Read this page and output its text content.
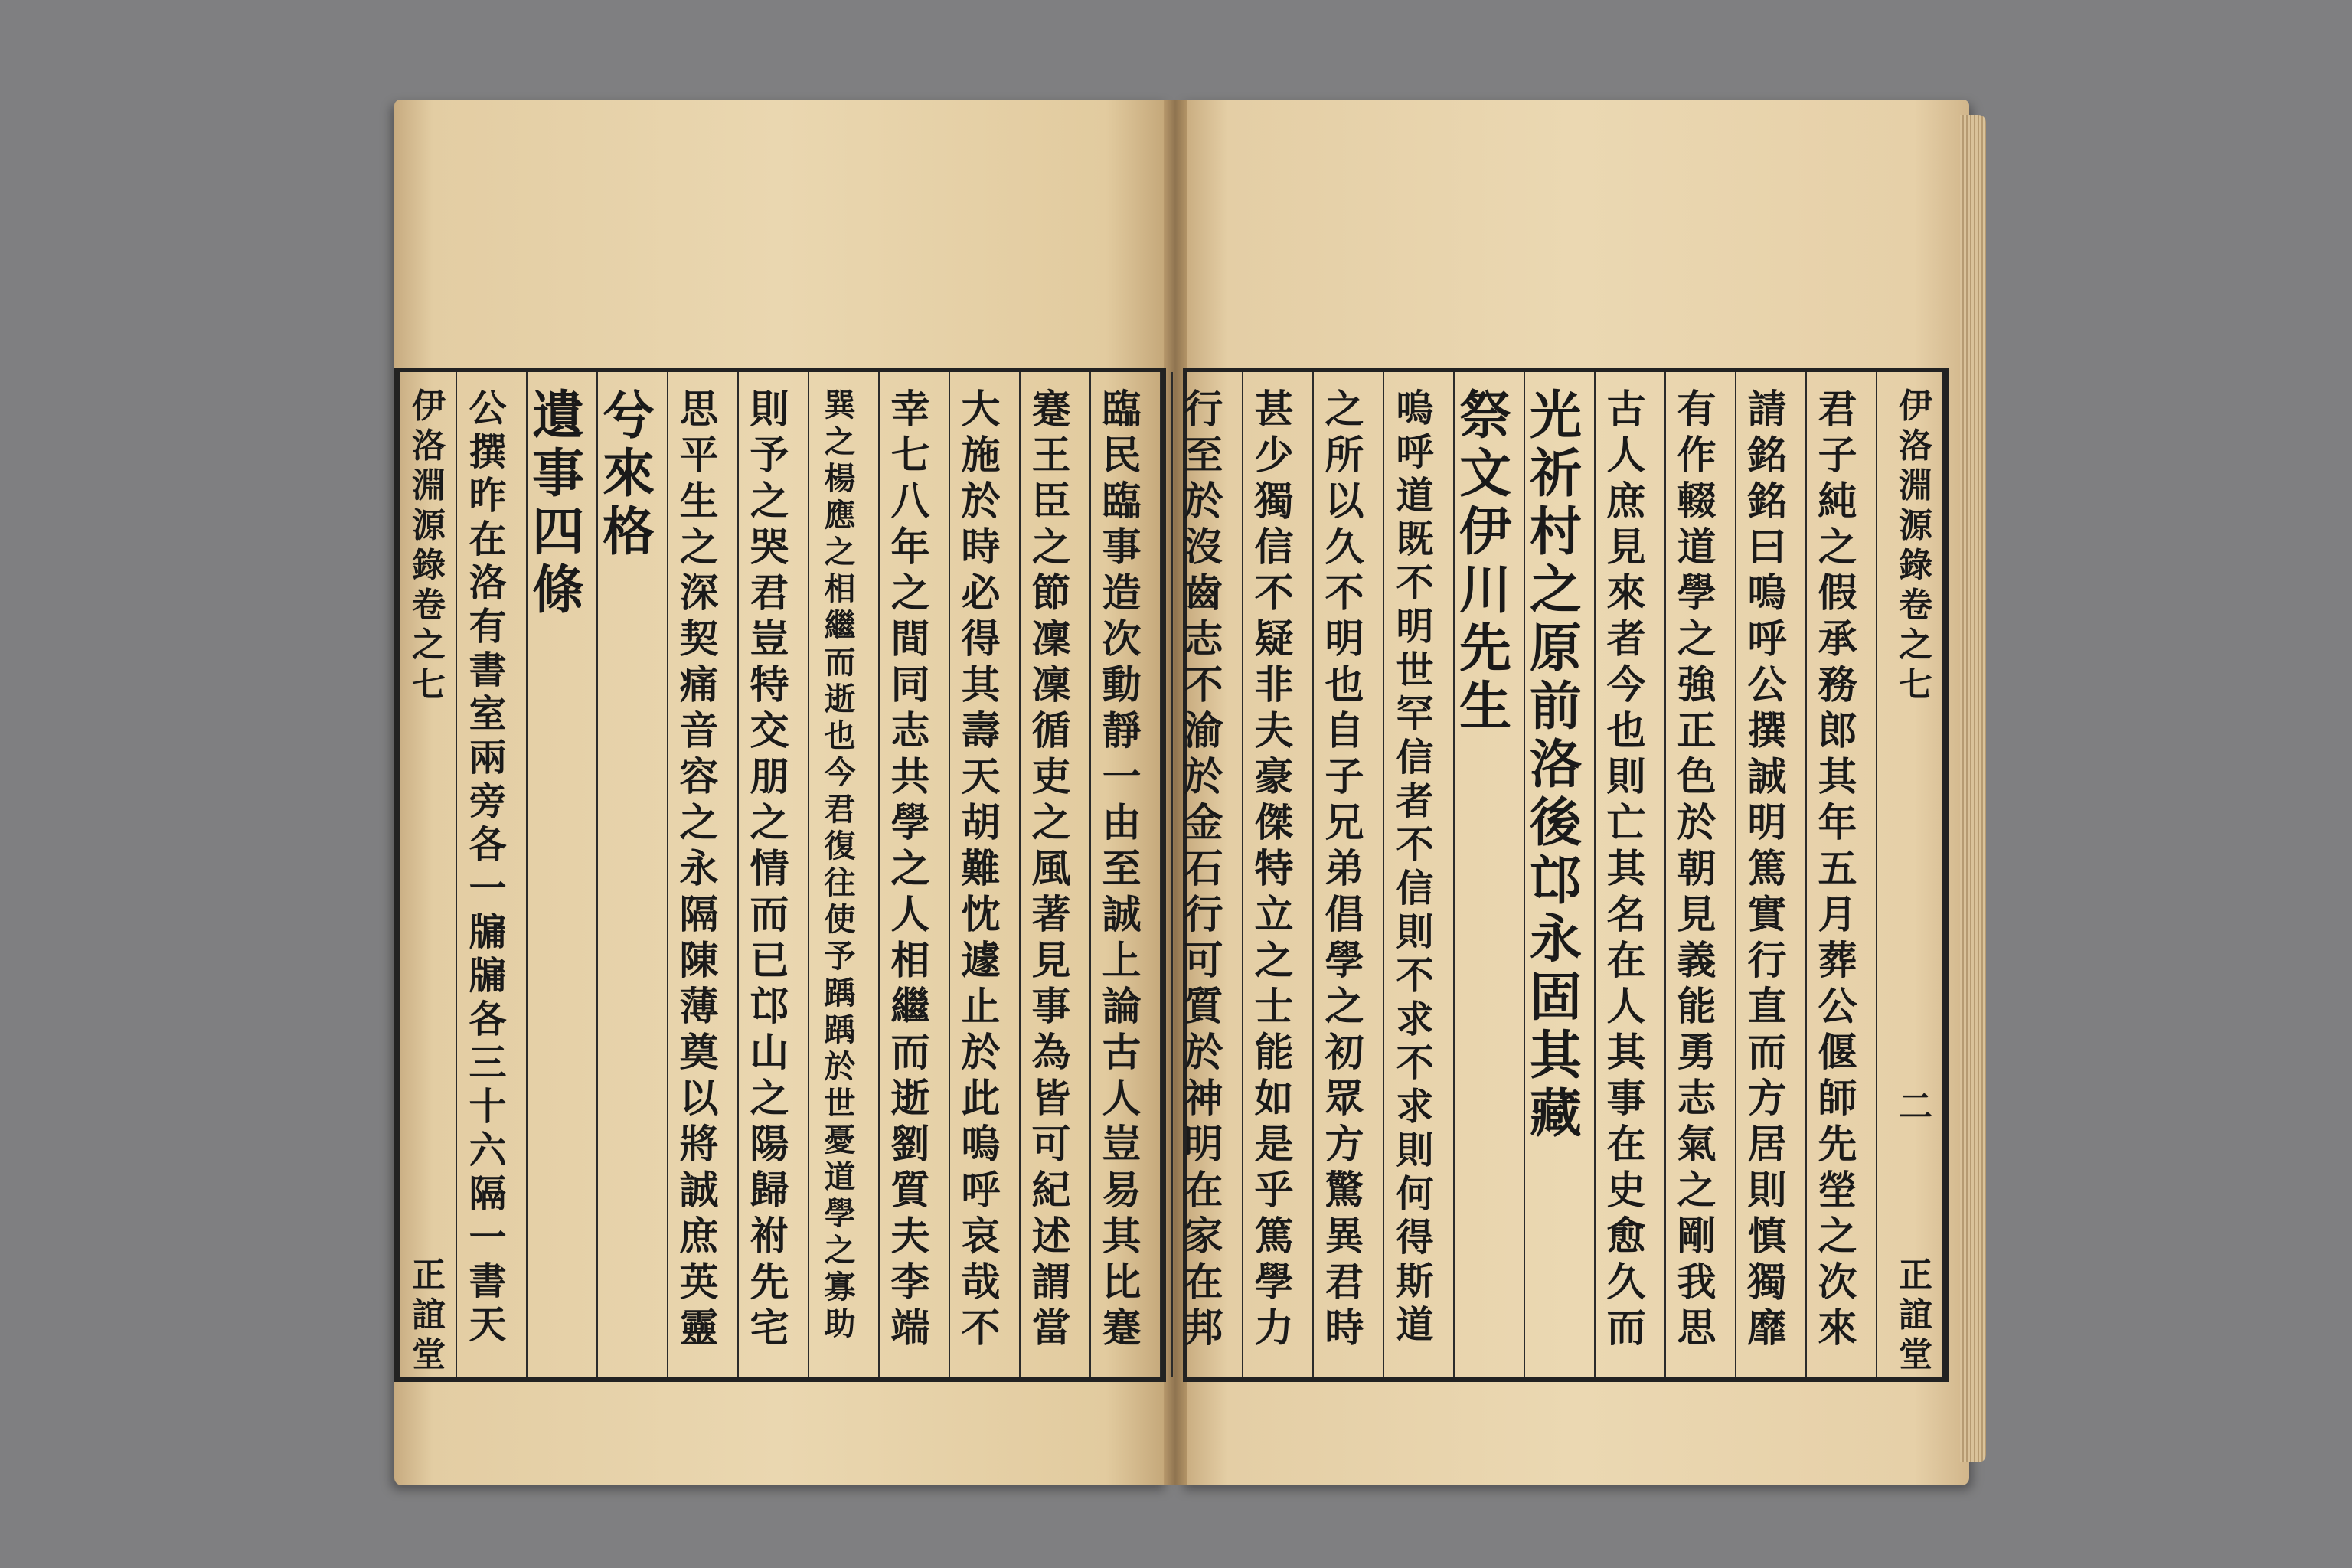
伊
洛
淵
源
錄
卷
之
七
正
誼
堂
臨
民
臨
事
造
次
動
靜
一
由
至
誠
上
論
古
人
豈
易
其
比
蹇
蹇
王
臣
之
節
凜
凜
循
吏
之
風
著
見
事
為
皆
可
紀
述
謂
當
大
施
於
時
必
得
其
壽
天
胡
難
忱
遽
止
於
此
嗚
呼
哀
哉
不
幸
七
八
年
之
間
同
志
共
學
之
人
相
繼
而
逝
劉
質
夫
李
端
巽
之
楊
應
之
相
繼
而
逝
也
今
君
復
往
使
予
踽
踽
於
世
憂
道
學
之
寡
助
則
予
之
哭
君
豈
特
交
朋
之
情
而
已
邙
山
之
陽
歸
祔
先
宅
思
平
生
之
深
契
痛
音
容
之
永
隔
陳
薄
奠
以
將
誠
庶
英
靈
兮
來
格
遺
事
四
條
公
撰
昨
在
洛
有
書
室
兩
旁
各
一
牖
牖
各
三
十
六
隔
一
書
天
君
子
純
之
假
承
務
郎
其
年
五
月
葬
公
偃
師
先
塋
之
次
來
請
銘
銘
曰
嗚
呼
公
撰
誠
明
篤
實
行
直
而
方
居
則
慎
獨
靡
有
作
輟
道
學
之
強
正
色
於
朝
見
義
能
勇
志
氣
之
剛
我
思
古
人
庶
見
來
者
今
也
則
亡
其
名
在
人
其
事
在
史
愈
久
而
光
祈
村
之
原
前
洛
後
邙
永
固
其
藏
祭
文
伊
川
先
生
嗚
呼
道
既
不
明
世
罕
信
者
不
信
則
不
求
不
求
則
何
得
斯
道
之
所
以
久
不
明
也
自
子
兄
弟
倡
學
之
初
眾
方
驚
異
君
時
甚
少
獨
信
不
疑
非
夫
豪
傑
特
立
之
士
能
如
是
乎
篤
學
力
行
至
於
沒
齒
志
不
渝
於
金
石
行
可
質
於
神
明
在
家
在
邦
伊
洛
淵
源
錄
卷
之
七
二
正
誼
堂
